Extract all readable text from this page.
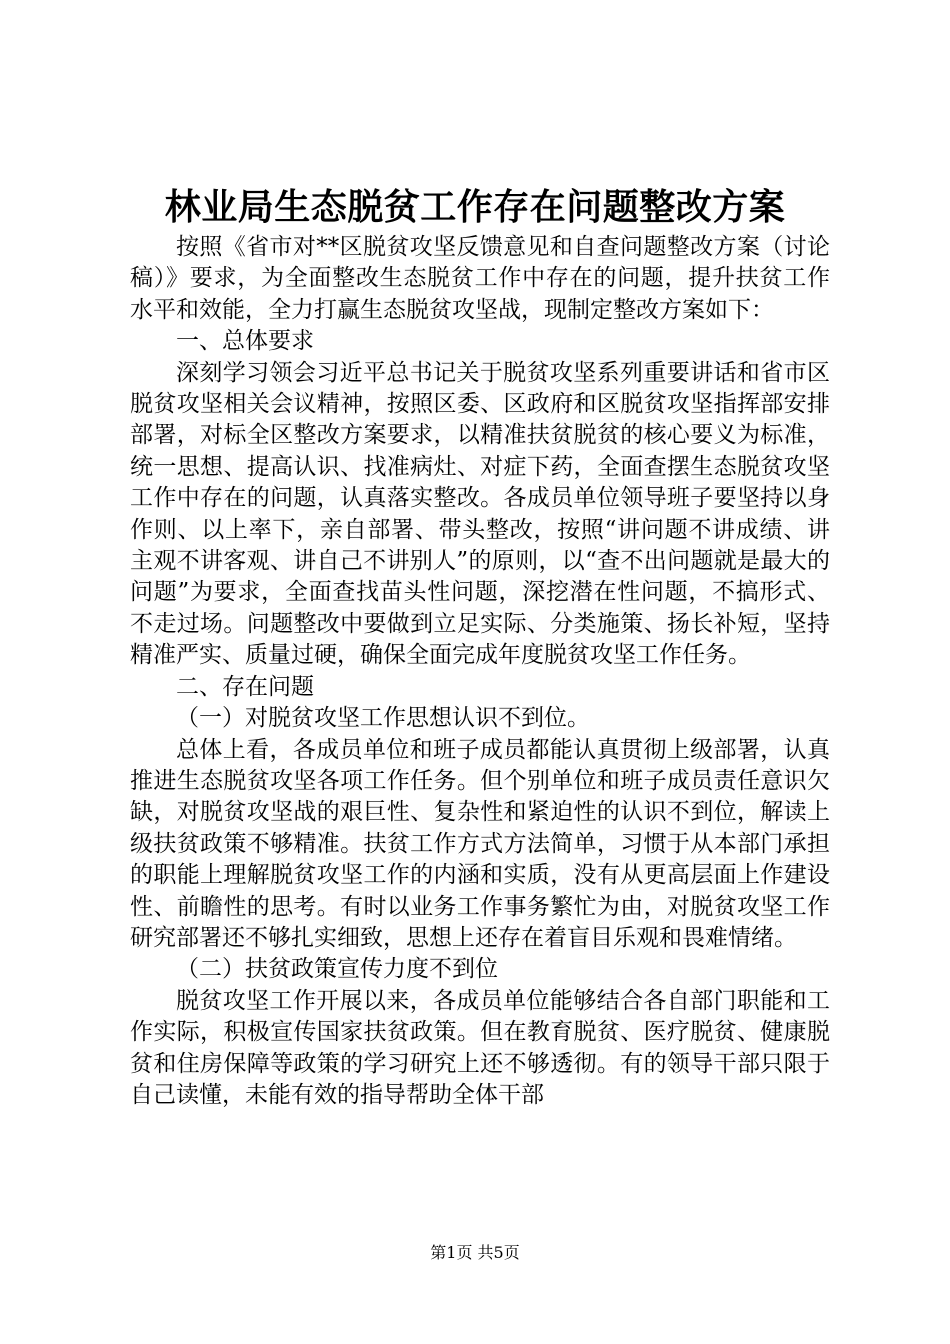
林业局生态脱贫工作存在问题整改方案

按照《省市对**区脱贫攻坚反馈意见和自查问题整改方案（讨论稿）》要求，为全面整改生态脱贫工作中存在的问题，提升扶贫工作水平和效能，全力打赢生态脱贫攻坚战，现制定整改方案如下：

一、总体要求

深刻学习领会习近平总书记关于脱贫攻坚系列重要讲话和省市区脱贫攻坚相关会议精神，按照区委、区政府和区脱贫攻坚指挥部安排部署，对标全区整改方案要求，以精准扶贫脱贫的核心要义为标准，统一思想、提高认识、找准病灶、对症下药，全面查摆生态脱贫攻坚工作中存在的问题，认真落实整改。各成员单位领导班子要坚持以身作则、以上率下，亲自部署、带头整改，按照“讲问题不讲成绩、讲主观不讲客观、讲自己不讲别人”的原则，以“查不出问题就是最大的问题”为要求，全面查找苗头性问题，深挖潜在性问题，不搞形式、不走过场。问题整改中要做到立足实际、分类施策、扬长补短，坚持精准严实、质量过硬，确保全面完成年度脱贫攻坚工作任务。

二、存在问题

（一）对脱贫攻坚工作思想认识不到位。

总体上看，各成员单位和班子成员都能认真贯彻上级部署，认真推进生态脱贫攻坚各项工作任务。但个别单位和班子成员责任意识欠缺，对脱贫攻坚战的艰巨性、复杂性和紧迫性的认识不到位，解读上级扶贫政策不够精准。扶贫工作方式方法简单，习惯于从本部门承担的职能上理解脱贫攻坚工作的内涵和实质，没有从更高层面上作建设性、前瞻性的思考。有时以业务工作事务繁忙为由，对脱贫攻坚工作研究部署还不够扎实细致，思想上还存在着盲目乐观和畏难情绪。

（二）扶贫政策宣传力度不到位

脱贫攻坚工作开展以来，各成员单位能够结合各自部门职能和工作实际，积极宣传国家扶贫政策。但在教育脱贫、医疗脱贫、健康脱贫和住房保障等政策的学习研究上还不够透彻。有的领导干部只限于自己读懂，未能有效的指导帮助全体干部

第1页 共5页
